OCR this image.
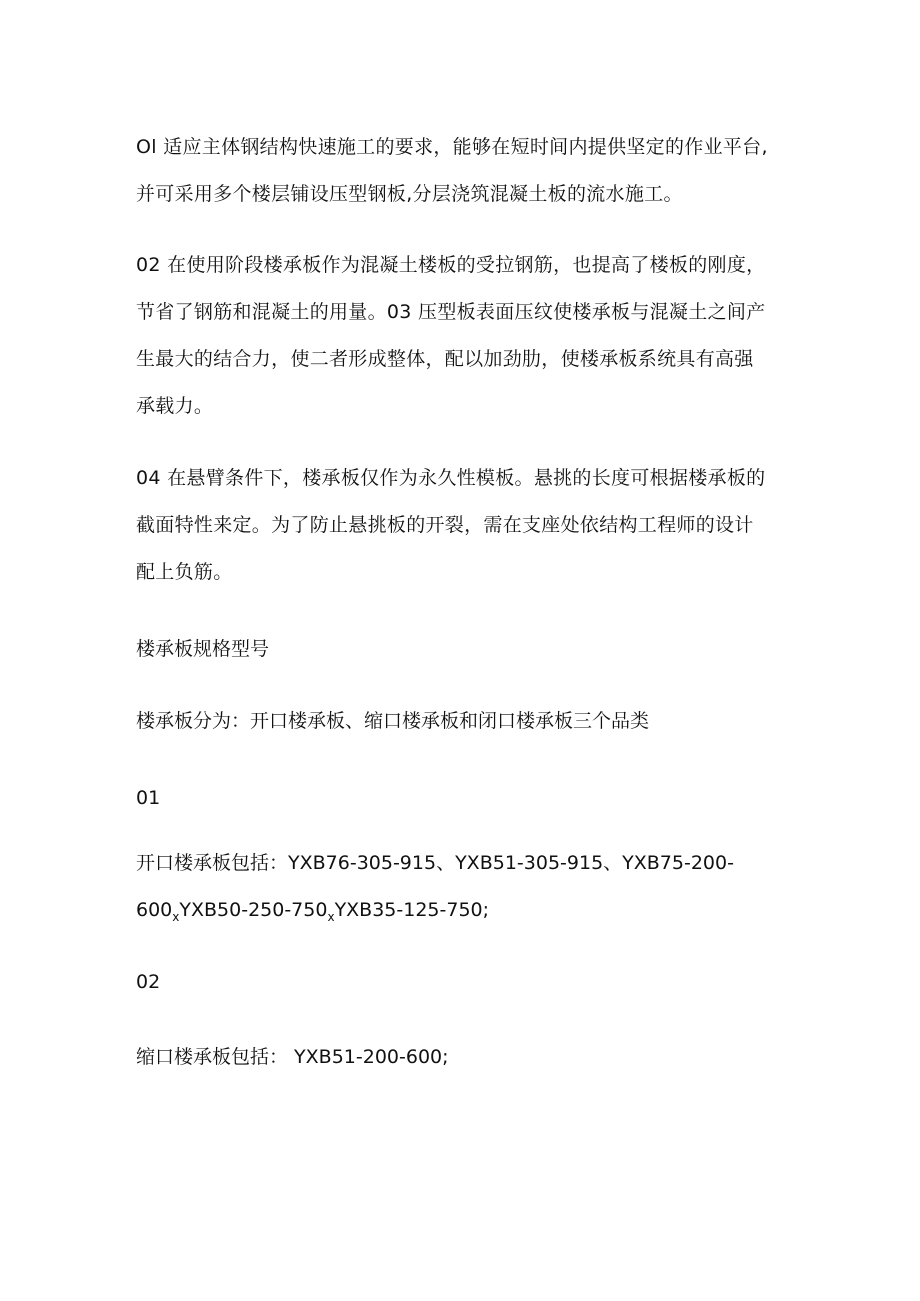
Ol 适应主体钢结构快速施工的要求，能够在短时间内提供坚定的作业平台,
并可采用多个楼层铺设压型钢板,分层浇筑混凝土板的流水施工。
02 在使用阶段楼承板作为混凝土楼板的受拉钢筋，也提高了楼板的刚度，
节省了钢筋和混凝土的用量。03 压型板表面压纹使楼承板与混凝土之间产
生最大的结合力，使二者形成整体，配以加劲肋，使楼承板系统具有高强
承载力。
04 在悬臂条件下，楼承板仅作为永久性模板。悬挑的长度可根据楼承板的
截面特性来定。为了防止悬挑板的开裂，需在支座处依结构工程师的设计
配上负筋。

楼承板规格型号

楼承板分为：开口楼承板、缩口楼承板和闭口楼承板三个品类

01

开口楼承板包括：YXB76-305-915、YXB51-305-915、YXB75-200-
$600_xYXB50-250-750_xYXB35-125-750$;

02

缩口楼承板包括： YXB51-200-600;
